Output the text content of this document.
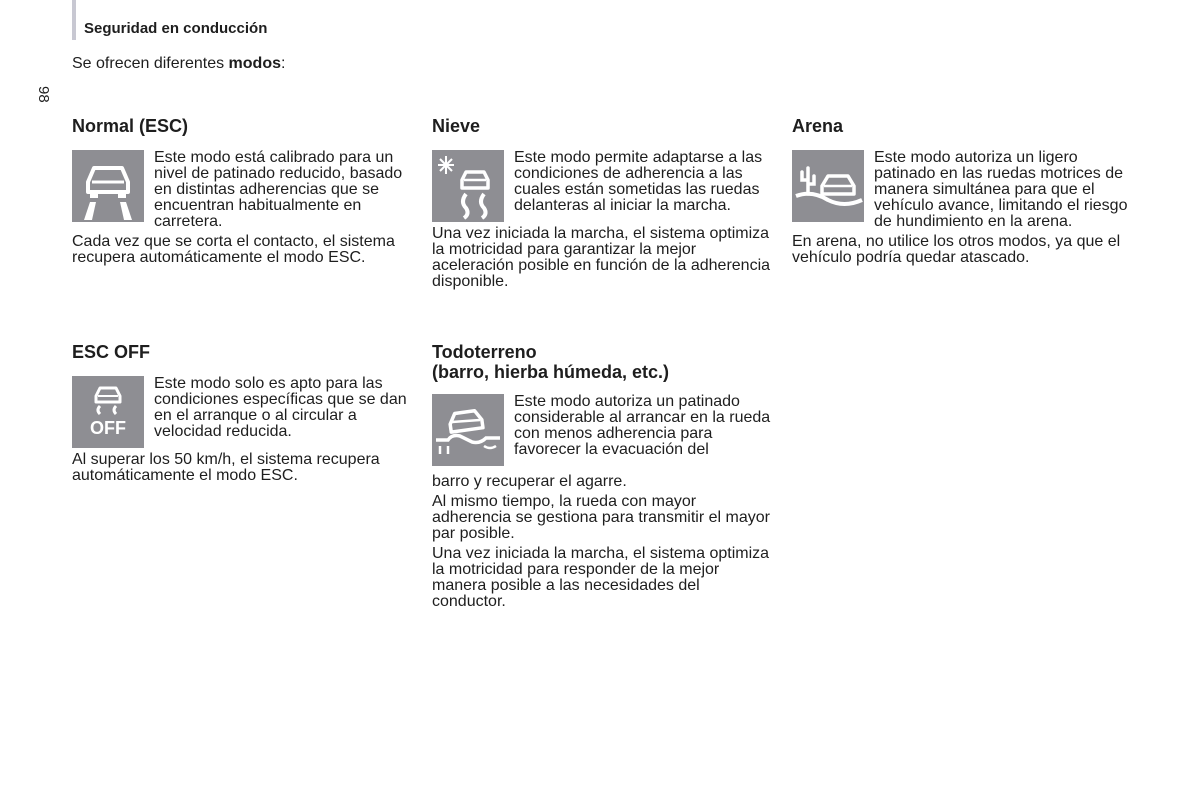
98
Seguridad en conducción
Se ofrecen diferentes modos:
Normal (ESC)
Este modo está calibrado para un nivel de patinado reducido, basado en distintas adherencias que se encuentran habitualmente en carretera.

Cada vez que se corta el contacto, el sistema recupera automáticamente el modo ESC.

Nieve
Este modo permite adaptarse a las condiciones de adherencia a las cuales están sometidas las ruedas delanteras al iniciar la marcha.

Una vez iniciada la marcha, el sistema optimiza la motricidad para garantizar la mejor aceleración posible en función de la adherencia disponible.

Arena
Este modo autoriza un ligero patinado en las ruedas motrices de manera simultánea para que el vehículo avance, limitando el riesgo de hundimiento en la arena.

En arena, no utilice los otros modos, ya que el vehículo podría quedar atascado.

ESC OFF
OFF
Este modo solo es apto para las condiciones específicas que se dan en el arranque o al circular a velocidad reducida.

Al superar los 50 km/h, el sistema recupera automáticamente el modo ESC.

Todoterreno
(barro, hierba húmeda, etc.)
Este modo autoriza un patinado considerable al arrancar en la rueda con menos adherencia para favorecer la evacuación del

barro y recuperar el agarre.

Al mismo tiempo, la rueda con mayor adherencia se gestiona para transmitir el mayor par posible.

Una vez iniciada la marcha, el sistema optimiza la motricidad para responder de la mejor manera posible a las necesidades del conductor.
